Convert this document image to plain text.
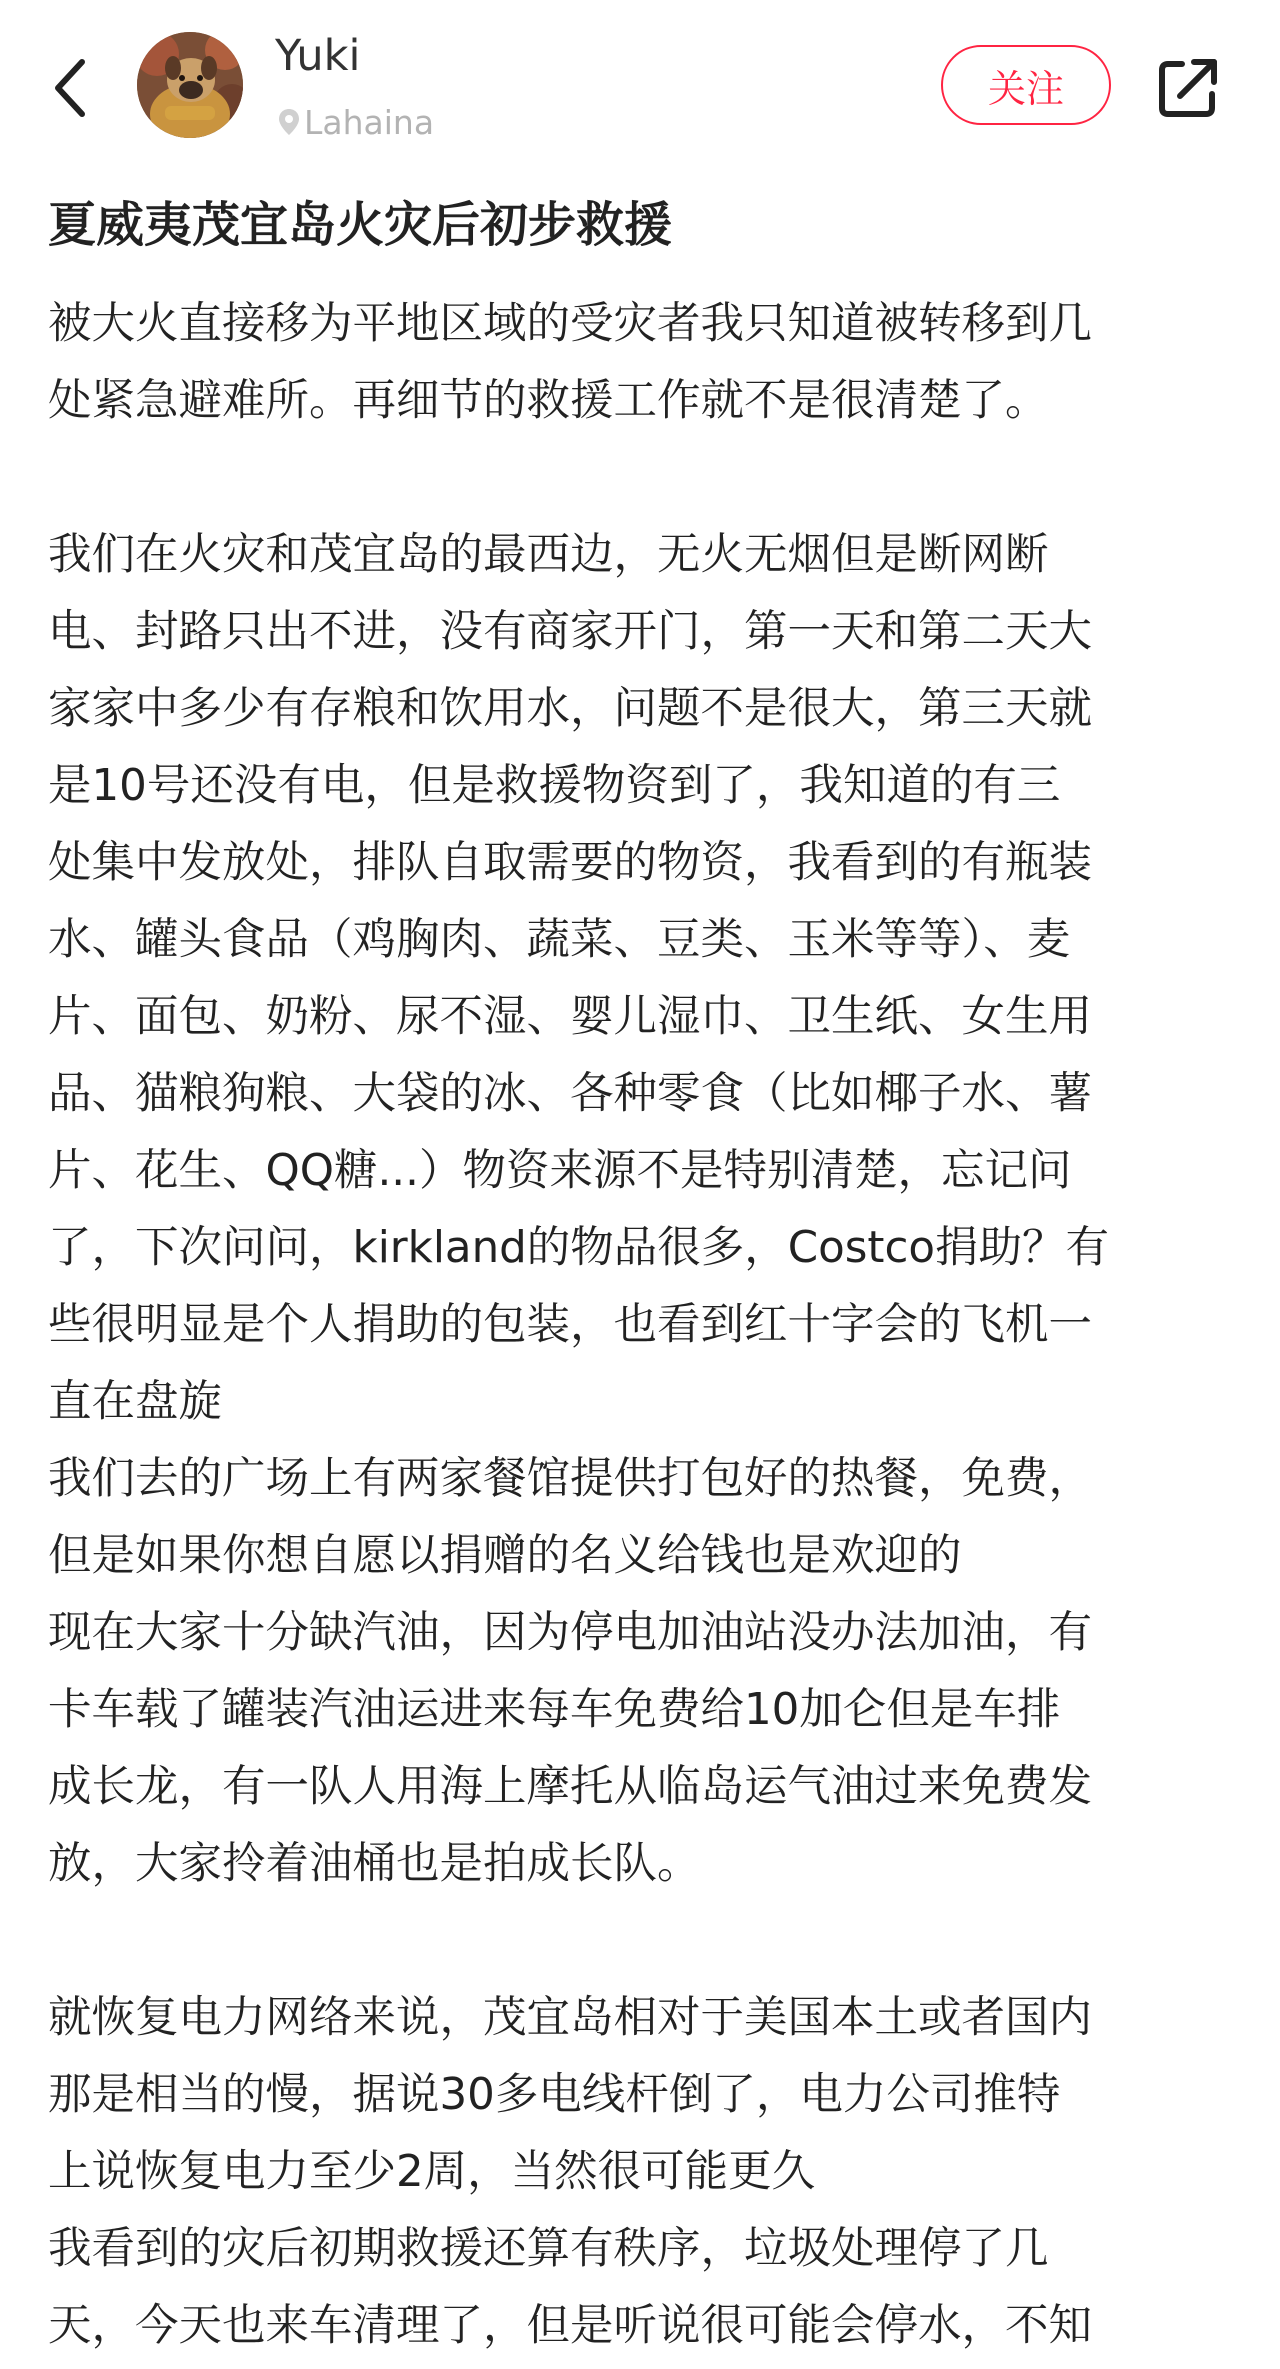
Yuki
Lahaina
关注
夏威夷茂宜岛火灾后初步救援
被大火直接移为平地区域的受灾者我只知道被转移到几
处紧急避难所。再细节的救援工作就不是很清楚了。
我们在火灾和茂宜岛的最西边，无火无烟但是断网断
电、封路只出不进，没有商家开门，第一天和第二天大
家家中多少有存粮和饮用水，问题不是很大，第三天就
是10号还没有电，但是救援物资到了，我知道的有三
处集中发放处，排队自取需要的物资，我看到的有瓶装
水、罐头食品（鸡胸肉、蔬菜、豆类、玉米等等）、麦
片、面包、奶粉、尿不湿、婴儿湿巾、卫生纸、女生用
品、猫粮狗粮、大袋的冰、各种零食（比如椰子水、薯
片、花生、QQ糖...）物资来源不是特别清楚，忘记问
了，下次问问，kirkland的物品很多，Costco捐助？有
些很明显是个人捐助的包装，也看到红十字会的飞机一
直在盘旋
我们去的广场上有两家餐馆提供打包好的热餐，免费，
但是如果你想自愿以捐赠的名义给钱也是欢迎的
现在大家十分缺汽油，因为停电加油站没办法加油，有
卡车载了罐装汽油运进来每车免费给10加仑但是车排
成长龙，有一队人用海上摩托从临岛运气油过来免费发
放，大家拎着油桶也是拍成长队。
就恢复电力网络来说，茂宜岛相对于美国本土或者国内
那是相当的慢，据说30多电线杆倒了，电力公司推特
上说恢复电力至少2周，当然很可能更久
我看到的灾后初期救援还算有秩序，垃圾处理停了几
天，今天也来车清理了，但是听说很可能会停水，不知
